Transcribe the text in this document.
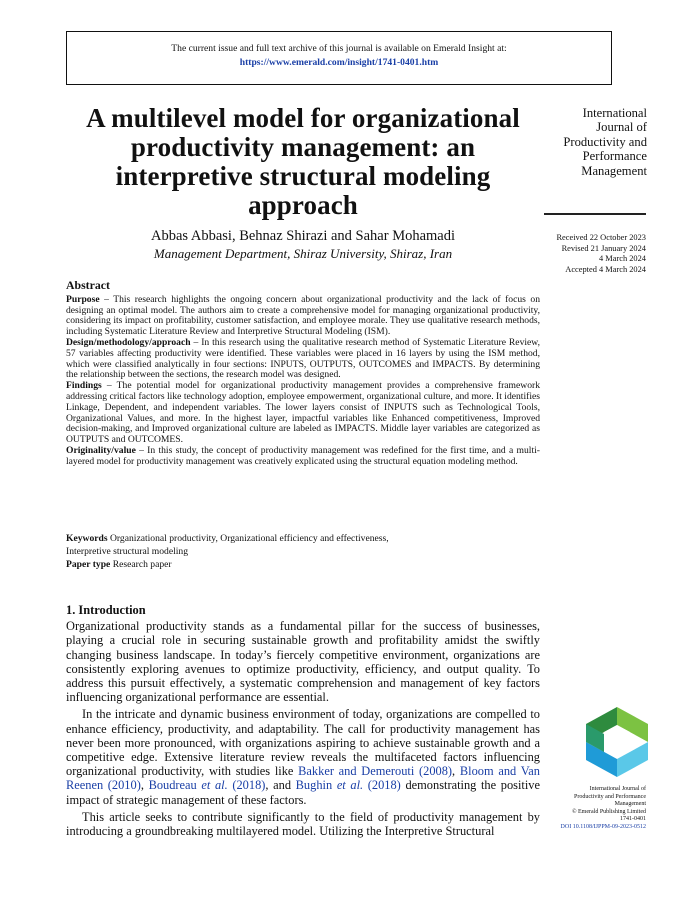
The current issue and full text archive of this journal is available on Emerald Insight at:
https://www.emerald.com/insight/1741-0401.htm
A multilevel model for organizational productivity management: an interpretive structural modeling approach
Abbas Abbasi, Behnaz Shirazi and Sahar Mohamadi
Management Department, Shiraz University, Shiraz, Iran
International
Journal of
Productivity and
Performance
Management
Received 22 October 2023
Revised 21 January 2024
4 March 2024
Accepted 4 March 2024
Abstract

Purpose – This research highlights the ongoing concern about organizational productivity and the lack of focus on designing an optimal model. The authors aim to create a comprehensive model for managing organizational productivity, considering its impact on profitability, customer satisfaction, and employee morale. They use qualitative research methods, including Systematic Literature Review and Interpretive Structural Modeling (ISM).

Design/methodology/approach – In this research using the qualitative research method of Systematic Literature Review, 57 variables affecting productivity were identified. These variables were placed in 16 layers by using the ISM method, which were classified analytically in four sections: INPUTS, OUTPUTS, OUTCOMES and IMPACTS. By determining the relationship between the sections, the research model was designed.

Findings – The potential model for organizational productivity management provides a comprehensive framework addressing critical factors like technology adoption, employee empowerment, organizational culture, and more. It identifies Linkage, Dependent, and independent variables. The lower layers consist of INPUTS such as Technological Tools, Organizational Values, and more. In the highest layer, impactful variables like Enhanced competitiveness, Improved decision-making, and Improved organizational culture are labeled as IMPACTS. Middle layer variables are categorized as OUTPUTS and OUTCOMES.

Originality/value – In this study, the concept of productivity management was redefined for the first time, and a multi-layered model for productivity management was creatively explicated using the structural equation modeling method.

Keywords Organizational productivity, Organizational efficiency and effectiveness,
Interpretive structural modeling
Paper type Research paper
1. Introduction

Organizational productivity stands as a fundamental pillar for the success of businesses, playing a crucial role in securing sustainable growth and profitability amidst the swiftly changing business landscape. In today’s fiercely competitive environment, organizations are consistently exploring avenues to optimize productivity, efficiency, and output quality. To address this pursuit effectively, a systematic comprehension and management of key factors influencing organizational performance are essential.

In the intricate and dynamic business environment of today, organizations are compelled to enhance efficiency, productivity, and adaptability. The call for productivity management has never been more pronounced, with organizations aspiring to achieve sustainable growth and a competitive edge. Extensive literature review reveals the multifaceted factors influencing organizational productivity, with studies like Bakker and Demerouti (2008), Bloom and Van Reenen (2010), Boudreau et al. (2018), and Bughin et al. (2018) demonstrating the positive impact of strategic management of these factors.

This article seeks to contribute significantly to the field of productivity management by introducing a groundbreaking multilayered model. Utilizing the Interpretive Structural

International Journal of
Productivity and Performance
Management
© Emerald Publishing Limited
1741-0401
DOI 10.1108/IJPPM-09-2023-0512
